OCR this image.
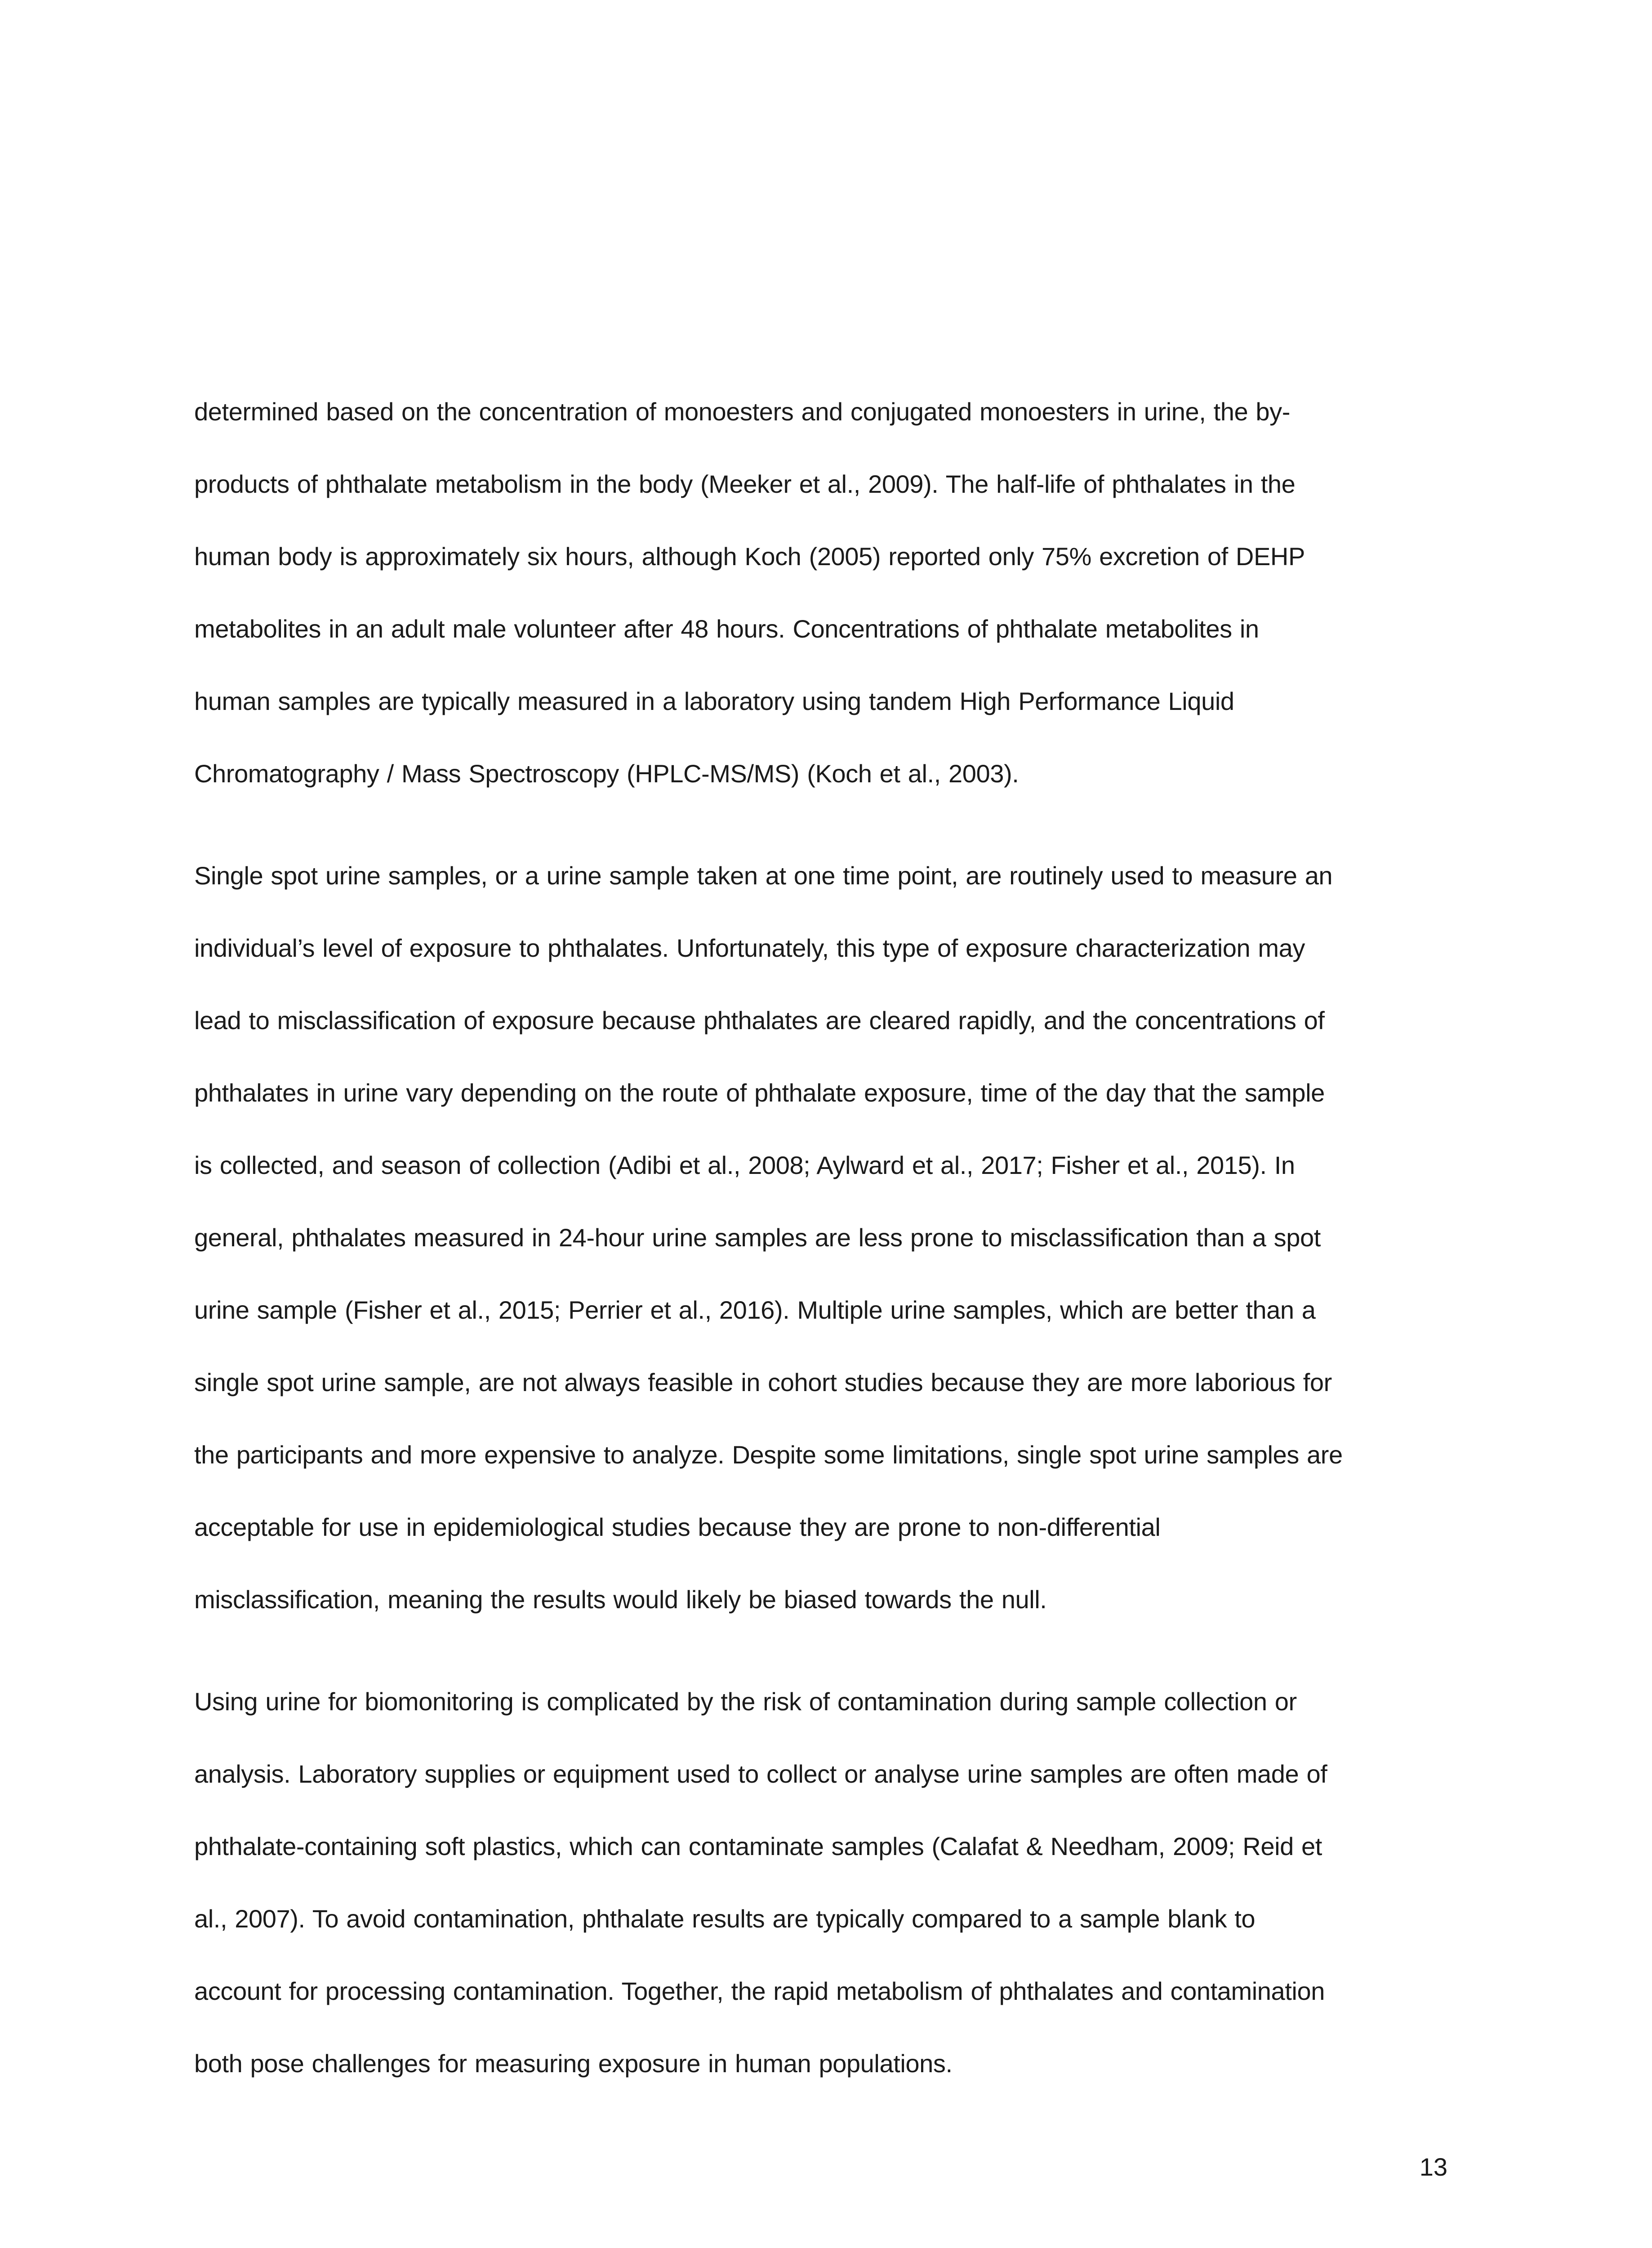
determined based on the concentration of monoesters and conjugated monoesters in urine, the by-
products of phthalate metabolism in the body (Meeker et al., 2009). The half-life of phthalates in the
human body is approximately six hours, although Koch (2005) reported only 75% excretion of DEHP
metabolites in an adult male volunteer after 48 hours. Concentrations of phthalate metabolites in
human samples are typically measured in a laboratory using tandem High Performance Liquid
Chromatography / Mass Spectroscopy (HPLC-MS/MS) (Koch et al., 2003).

Single spot urine samples, or a urine sample taken at one time point, are routinely used to measure an
individual’s level of exposure to phthalates. Unfortunately, this type of exposure characterization may
lead to misclassification of exposure because phthalates are cleared rapidly, and the concentrations of
phthalates in urine vary depending on the route of phthalate exposure, time of the day that the sample
is collected, and season of collection (Adibi et al., 2008; Aylward et al., 2017; Fisher et al., 2015). In
general, phthalates measured in 24-hour urine samples are less prone to misclassification than a spot
urine sample (Fisher et al., 2015; Perrier et al., 2016). Multiple urine samples, which are better than a
single spot urine sample, are not always feasible in cohort studies because they are more laborious for
the participants and more expensive to analyze. Despite some limitations, single spot urine samples are
acceptable for use in epidemiological studies because they are prone to non-differential
misclassification, meaning the results would likely be biased towards the null.

Using urine for biomonitoring is complicated by the risk of contamination during sample collection or
analysis. Laboratory supplies or equipment used to collect or analyse urine samples are often made of
phthalate-containing soft plastics, which can contaminate samples (Calafat & Needham, 2009; Reid et
al., 2007). To avoid contamination, phthalate results are typically compared to a sample blank to
account for processing contamination. Together, the rapid metabolism of phthalates and contamination
both pose challenges for measuring exposure in human populations.

13
